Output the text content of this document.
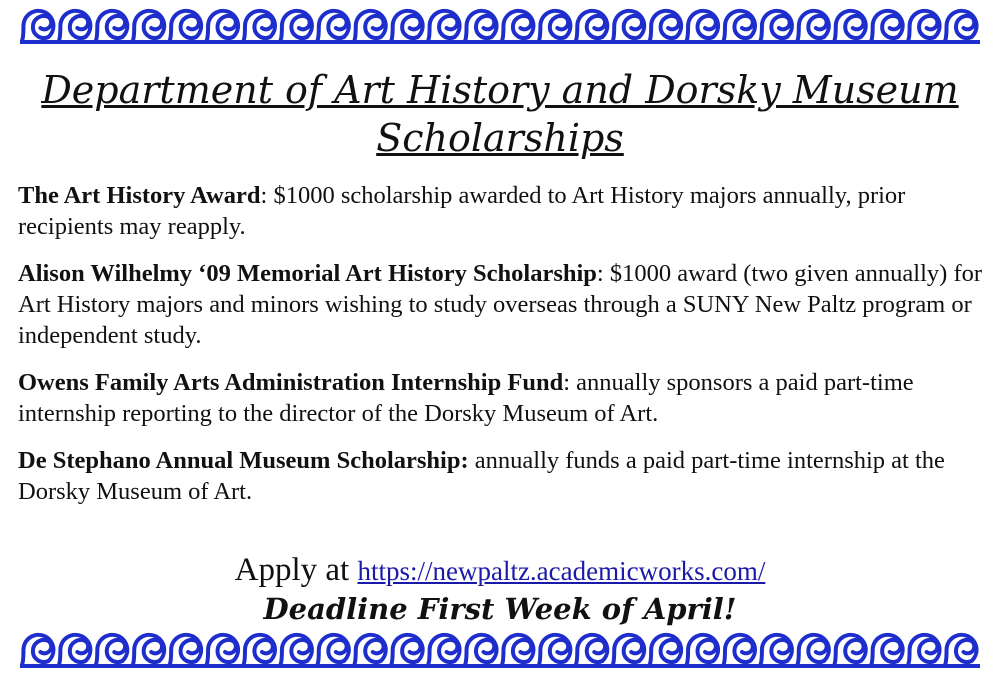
Department of Art History and Dorsky Museum Scholarships

The Art History Award: $1000 scholarship awarded to Art History majors annually, prior recipients may reapply.

Alison Wilhelmy ‘09 Memorial Art History Scholarship: $1000 award (two given annually) for Art History majors and minors wishing to study overseas through a SUNY New Paltz program or independent study.

Owens Family Arts Administration Internship Fund: annually sponsors a paid part-time internship reporting to the director of the Dorsky Museum of Art.

De Stephano Annual Museum Scholarship: annually funds a paid part-time internship at the Dorsky Museum of Art.

Apply at https://newpaltz.academicworks.com/
Deadline First Week of April!
